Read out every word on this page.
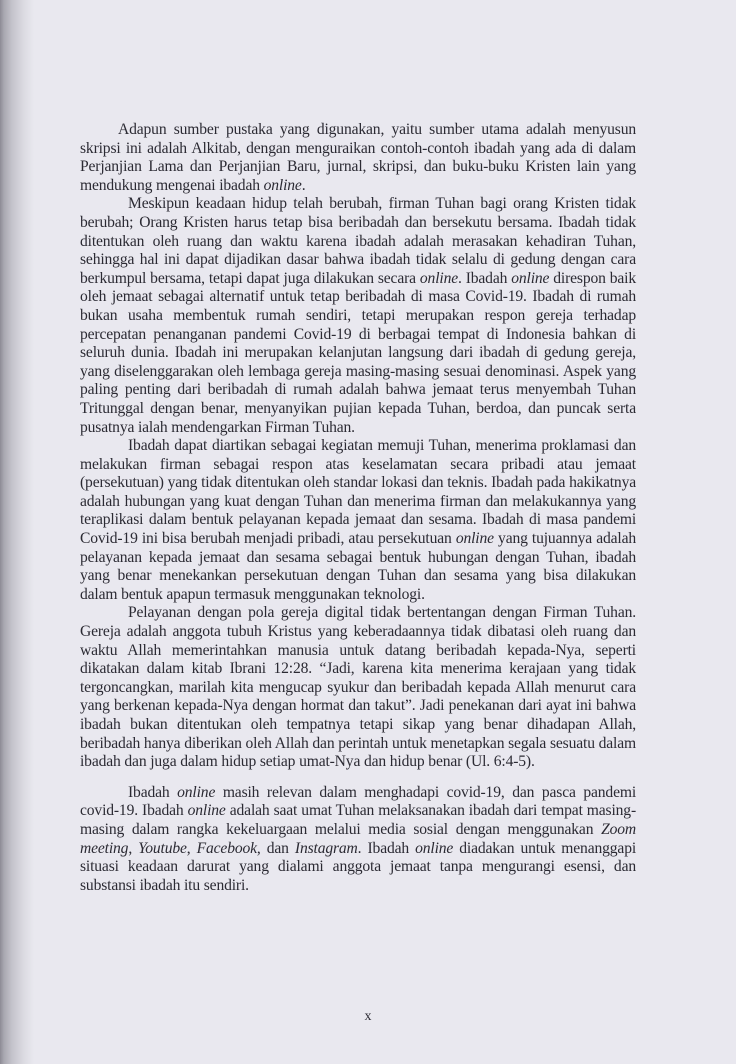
Adapun sumber pustaka yang digunakan, yaitu sumber utama adalah menyusun skripsi ini adalah Alkitab, dengan menguraikan contoh-contoh ibadah yang ada di dalam Perjanjian Lama dan Perjanjian Baru, jurnal, skripsi, dan buku-buku Kristen lain yang mendukung mengenai ibadah online.

Meskipun keadaan hidup telah berubah, firman Tuhan bagi orang Kristen tidak berubah; Orang Kristen harus tetap bisa beribadah dan bersekutu bersama. Ibadah tidak ditentukan oleh ruang dan waktu karena ibadah adalah merasakan kehadiran Tuhan, sehingga hal ini dapat dijadikan dasar bahwa ibadah tidak selalu di gedung dengan cara berkumpul bersama, tetapi dapat juga dilakukan secara online. Ibadah online direspon baik oleh jemaat sebagai alternatif untuk tetap beribadah di masa Covid-19. Ibadah di rumah bukan usaha membentuk rumah sendiri, tetapi merupakan respon gereja terhadap percepatan penanganan pandemi Covid-19 di berbagai tempat di Indonesia bahkan di seluruh dunia. Ibadah ini merupakan kelanjutan langsung dari ibadah di gedung gereja, yang diselenggarakan oleh lembaga gereja masing-masing sesuai denominasi. Aspek yang paling penting dari beribadah di rumah adalah bahwa jemaat terus menyembah Tuhan Tritunggal dengan benar, menyanyikan pujian kepada Tuhan, berdoa, dan puncak serta pusatnya ialah mendengarkan Firman Tuhan.

Ibadah dapat diartikan sebagai kegiatan memuji Tuhan, menerima proklamasi dan melakukan firman sebagai respon atas keselamatan secara pribadi atau jemaat (persekutuan) yang tidak ditentukan oleh standar lokasi dan teknis. Ibadah pada hakikatnya adalah hubungan yang kuat dengan Tuhan dan menerima firman dan melakukannya yang teraplikasi dalam bentuk pelayanan kepada jemaat dan sesama. Ibadah di masa pandemi Covid-19 ini bisa berubah menjadi pribadi, atau persekutuan online yang tujuannya adalah pelayanan kepada jemaat dan sesama sebagai bentuk hubungan dengan Tuhan, ibadah yang benar menekankan persekutuan dengan Tuhan dan sesama yang bisa dilakukan dalam bentuk apapun termasuk menggunakan teknologi.

Pelayanan dengan pola gereja digital tidak bertentangan dengan Firman Tuhan. Gereja adalah anggota tubuh Kristus yang keberadaannya tidak dibatasi oleh ruang dan waktu Allah memerintahkan manusia untuk datang beribadah kepada-Nya, seperti dikatakan dalam kitab Ibrani 12:28. “Jadi, karena kita menerima kerajaan yang tidak tergoncangkan, marilah kita mengucap syukur dan beribadah kepada Allah menurut cara yang berkenan kepada-Nya dengan hormat dan takut”. Jadi penekanan dari ayat ini bahwa ibadah bukan ditentukan oleh tempatnya tetapi sikap yang benar dihadapan Allah, beribadah hanya diberikan oleh Allah dan perintah untuk menetapkan segala sesuatu dalam ibadah dan juga dalam hidup setiap umat-Nya dan hidup benar (Ul. 6:4-5).

Ibadah online masih relevan dalam menghadapi covid-19, dan pasca pandemi covid-19. Ibadah online adalah saat umat Tuhan melaksanakan ibadah dari tempat masing-masing dalam rangka kekeluargaan melalui media sosial dengan menggunakan Zoom meeting, Youtube, Facebook, dan Instagram. Ibadah online diadakan untuk menanggapi situasi keadaan darurat yang dialami anggota jemaat tanpa mengurangi esensi, dan substansi ibadah itu sendiri.

x
